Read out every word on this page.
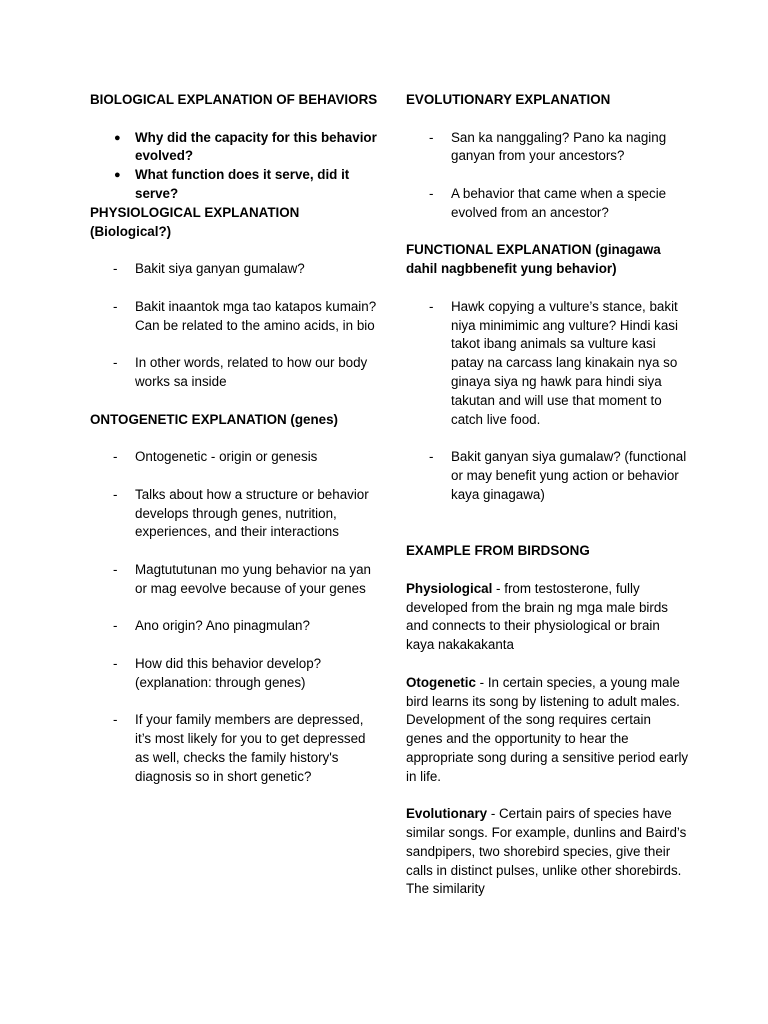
BIOLOGICAL EXPLANATION OF BEHAVIORS

● Why did the capacity for this behavior evolved?
● What function does it serve, did it serve?

PHYSIOLOGICAL EXPLANATION (Biological?)

- Bakit siya ganyan gumalaw?
- Bakit inaantok mga tao katapos kumain? Can be related to the amino acids, in bio
- In other words, related to how our body works sa inside

ONTOGENETIC EXPLANATION (genes)

- Ontogenetic - origin or genesis
- Talks about how a structure or behavior develops through genes, nutrition, experiences, and their interactions
- Magtututunan mo yung behavior na yan or mag eevolve because of your genes
- Ano origin? Ano pinagmulan?
- How did this behavior develop? (explanation: through genes)
- If your family members are depressed, it’s most likely for you to get depressed as well, checks the family history's diagnosis so in short genetic?

EVOLUTIONARY EXPLANATION

- San ka nanggaling? Pano ka naging ganyan from your ancestors?
- A behavior that came when a specie evolved from an ancestor?

FUNCTIONAL EXPLANATION (ginagawa dahil nagbbenefit yung behavior)

- Hawk copying a vulture’s stance, bakit niya minimimic ang vulture? Hindi kasi takot ibang animals sa vulture kasi patay na carcass lang kinakain nya so ginaya siya ng hawk para hindi siya takutan and will use that moment to catch live food.
- Bakit ganyan siya gumalaw? (functional or may benefit yung action or behavior kaya ginagawa)

EXAMPLE FROM BIRDSONG

Physiological - from testosterone, fully developed from the brain ng mga male birds and connects to their physiological or brain kaya nakakakanta

Otogenetic - In certain species, a young male bird learns its song by listening to adult males. Development of the song requires certain genes and the opportunity to hear the appropriate song during a sensitive period early in life.

Evolutionary - Certain pairs of species have similar songs. For example, dunlins and Baird’s sandpipers, two shorebird species, give their calls in distinct pulses, unlike other shorebirds. The similarity
